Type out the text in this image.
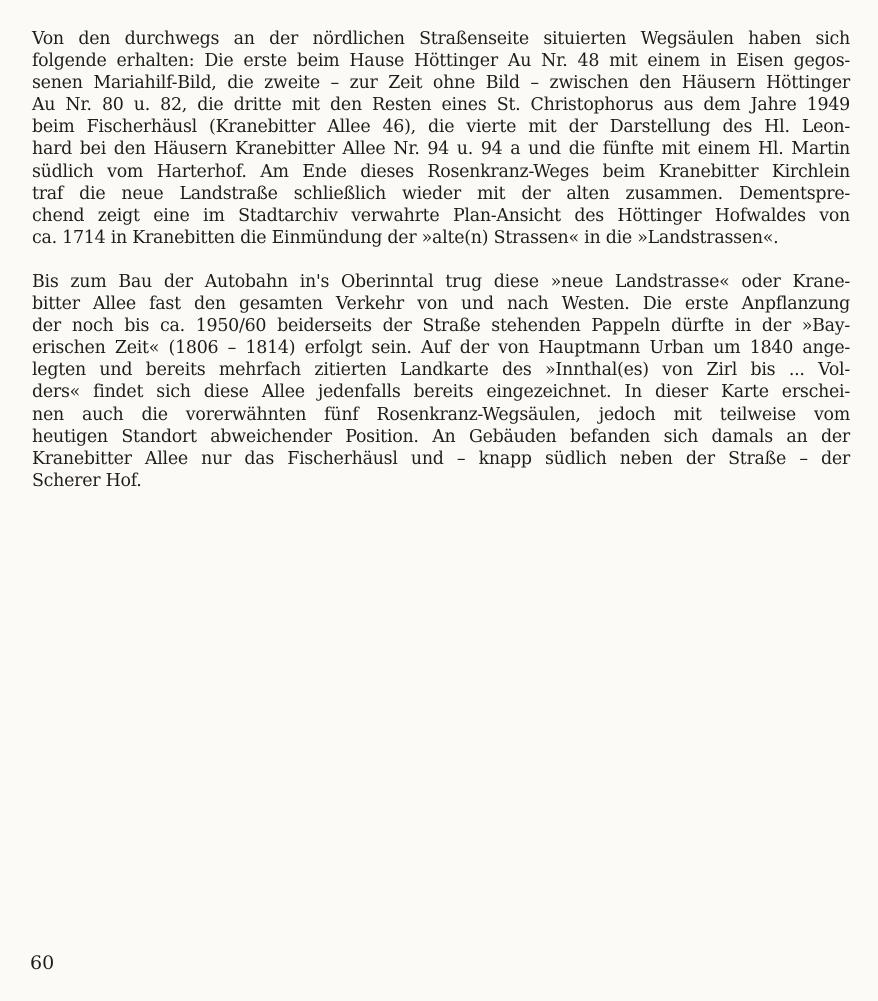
Von den durchwegs an der nördlichen Straßenseite situierten Wegsäulen haben sich
folgende erhalten: Die erste beim Hause Höttinger Au Nr. 48 mit einem in Eisen gegos-
senen Mariahilf-Bild, die zweite – zur Zeit ohne Bild – zwischen den Häusern Höttinger
Au Nr. 80 u. 82, die dritte mit den Resten eines St. Christophorus aus dem Jahre 1949
beim Fischerhäusl (Kranebitter Allee 46), die vierte mit der Darstellung des Hl. Leon-
hard bei den Häusern Kranebitter Allee Nr. 94 u. 94 a und die fünfte mit einem Hl. Martin
südlich vom Harterhof. Am Ende dieses Rosenkranz-Weges beim Kranebitter Kirchlein
traf die neue Landstraße schließlich wieder mit der alten zusammen. Dementspre-
chend zeigt eine im Stadtarchiv verwahrte Plan-Ansicht des Höttinger Hofwaldes von
ca. 1714 in Kranebitten die Einmündung der »alte(n) Strassen« in die »Landstrassen«.

Bis zum Bau der Autobahn in's Oberinntal trug diese »neue Landstrasse« oder Krane-
bitter Allee fast den gesamten Verkehr von und nach Westen. Die erste Anpflanzung
der noch bis ca. 1950/60 beiderseits der Straße stehenden Pappeln dürfte in der »Bay-
erischen Zeit« (1806 – 1814) erfolgt sein. Auf der von Hauptmann Urban um 1840 ange-
legten und bereits mehrfach zitierten Landkarte des »Innthal(es) von Zirl bis ... Vol-
ders« findet sich diese Allee jedenfalls bereits eingezeichnet. In dieser Karte erschei-
nen auch die vorerwähnten fünf Rosenkranz-Wegsäulen, jedoch mit teilweise vom
heutigen Standort abweichender Position. An Gebäuden befanden sich damals an der
Kranebitter Allee nur das Fischerhäusl und – knapp südlich neben der Straße – der
Scherer Hof.

60
